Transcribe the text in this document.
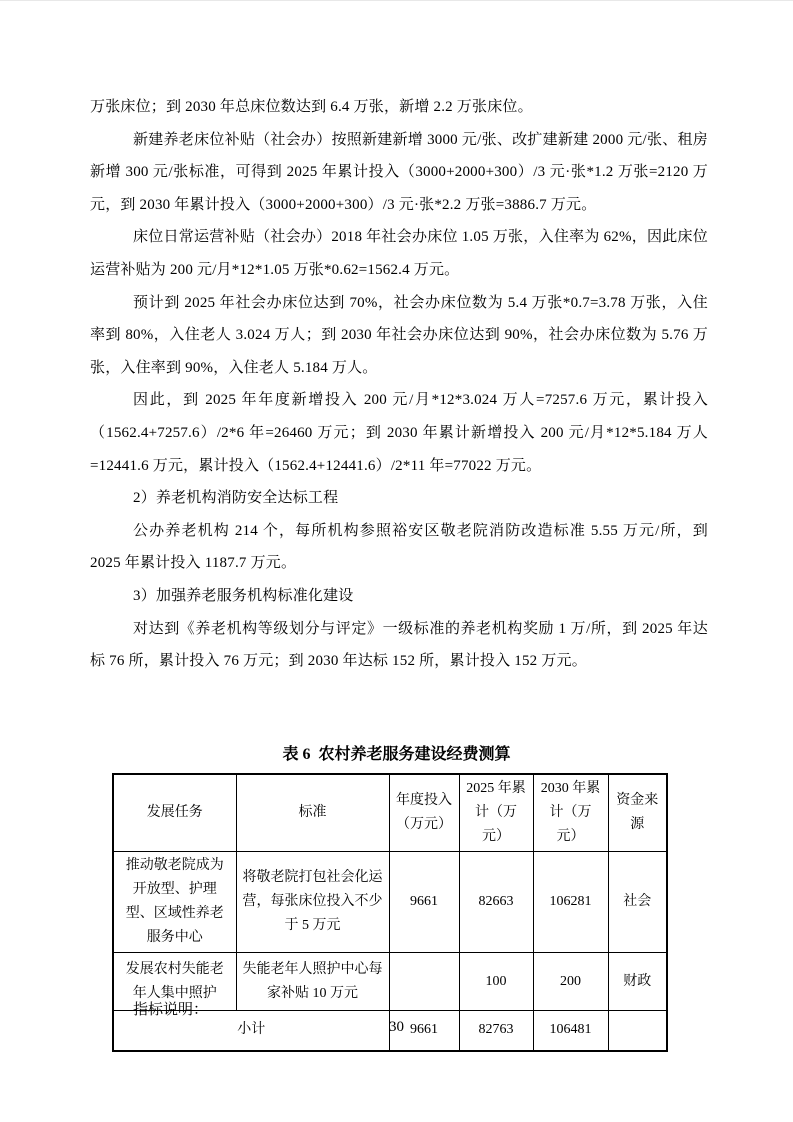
万张床位；到 2030 年总床位数达到 6.4 万张，新增 2.2 万张床位。

新建养老床位补贴（社会办）按照新建新增 3000 元/张、改扩建新建 2000 元/张、租房新增 300 元/张标准，可得到 2025 年累计投入（3000+2000+300）/3 元·张*1.2 万张=2120 万元，到 2030 年累计投入（3000+2000+300）/3 元·张*2.2 万张=3886.7 万元。

床位日常运营补贴（社会办）2018 年社会办床位 1.05 万张，入住率为 62%，因此床位运营补贴为 200 元/月*12*1.05 万张*0.62=1562.4 万元。

预计到 2025 年社会办床位达到 70%，社会办床位数为 5.4 万张*0.7=3.78 万张，入住率到 80%，入住老人 3.024 万人；到 2030 年社会办床位达到 90%，社会办床位数为 5.76 万张，入住率到 90%，入住老人 5.184 万人。

因此，到 2025 年年度新增投入 200 元/月*12*3.024 万人=7257.6 万元，累计投入（1562.4+7257.6）/2*6 年=26460 万元；到 2030 年累计新增投入 200 元/月*12*5.184 万人=12441.6 万元，累计投入（1562.4+12441.6）/2*11 年=77022 万元。

2）养老机构消防安全达标工程

公办养老机构 214 个，每所机构参照裕安区敬老院消防改造标准 5.55 万元/所，到 2025 年累计投入 1187.7 万元。

3）加强养老服务机构标准化建设

对达到《养老机构等级划分与评定》一级标准的养老机构奖励 1 万/所，到 2025 年达标 76 所，累计投入 76 万元；到 2030 年达标 152 所，累计投入 152 万元。

表 6  农村养老服务建设经费测算
发展任务	标准	年度投入（万元）	2025 年累计（万元）	2030 年累计（万元）	资金来源
推动敬老院成为开放型、护理型、区域性养老服务中心	将敬老院打包社会化运营，每张床位投入不少于 5 万元	9661	82663	106281	社会
发展农村失能老年人集中照护	失能老年人照护中心每家补贴 10 万元		100	200	财政
小计		9661	82763	106481	
指标说明：
30
